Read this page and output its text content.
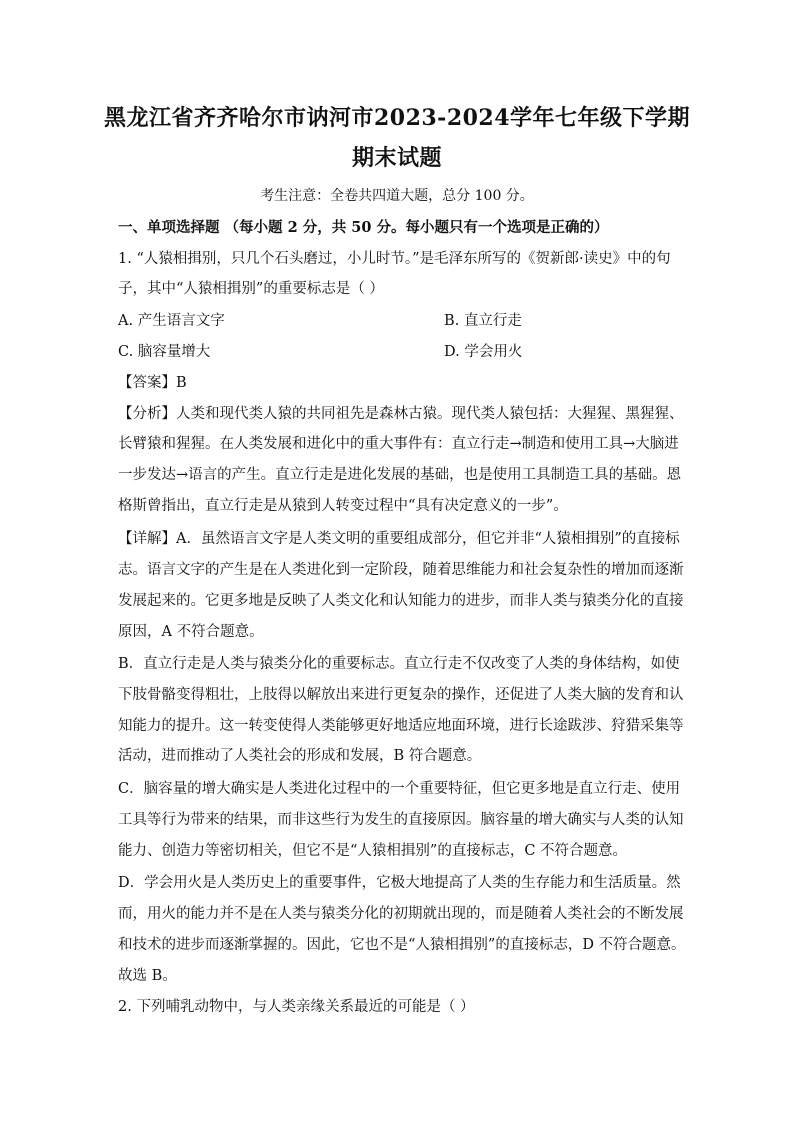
黑龙江省齐齐哈尔市讷河市2023-2024学年七年级下学期
期末试题
考生注意：全卷共四道大题，总分 100 分。
一、单项选择题 （每小题 2 分，共 50 分。每小题只有一个选项是正确的）
1. “人猿相揖别，只几个石头磨过，小儿时节。”是毛泽东所写的《贺新郎·读史》中的句
子，其中“人猿相揖别”的重要标志是（ ）
A. 产生语言文字	B. 直立行走
C. 脑容量增大	D. 学会用火
【答案】B
【分析】人类和现代类人猿的共同祖先是森林古猿。现代类人猿包括：大猩猩、黑猩猩、
长臂猿和猩猩。在人类发展和进化中的重大事件有：直立行走→制造和使用工具→大脑进
一步发达→语言的产生。直立行走是进化发展的基础，也是使用工具制造工具的基础。恩
格斯曾指出，直立行走是从猿到人转变过程中“具有决定意义的一步”。
【详解】A．虽然语言文字是人类文明的重要组成部分，但它并非“人猿相揖别”的直接标
志。语言文字的产生是在人类进化到一定阶段，随着思维能力和社会复杂性的增加而逐渐
发展起来的。它更多地是反映了人类文化和认知能力的进步，而非人类与猿类分化的直接
原因，A 不符合题意。
B．直立行走是人类与猿类分化的重要标志。直立行走不仅改变了人类的身体结构，如使
下肢骨骼变得粗壮，上肢得以解放出来进行更复杂的操作，还促进了人类大脑的发育和认
知能力的提升。这一转变使得人类能够更好地适应地面环境，进行长途跋涉、狩猎采集等
活动，进而推动了人类社会的形成和发展，B 符合题意。
C．脑容量的增大确实是人类进化过程中的一个重要特征，但它更多地是直立行走、使用
工具等行为带来的结果，而非这些行为发生的直接原因。脑容量的增大确实与人类的认知
能力、创造力等密切相关，但它不是“人猿相揖别”的直接标志，C 不符合题意。
D．学会用火是人类历史上的重要事件，它极大地提高了人类的生存能力和生活质量。然
而，用火的能力并不是在人类与猿类分化的初期就出现的，而是随着人类社会的不断发展
和技术的进步而逐渐掌握的。因此，它也不是“人猿相揖别”的直接标志，D 不符合题意。
故选 B。
2. 下列哺乳动物中，与人类亲缘关系最近的可能是（ ）
